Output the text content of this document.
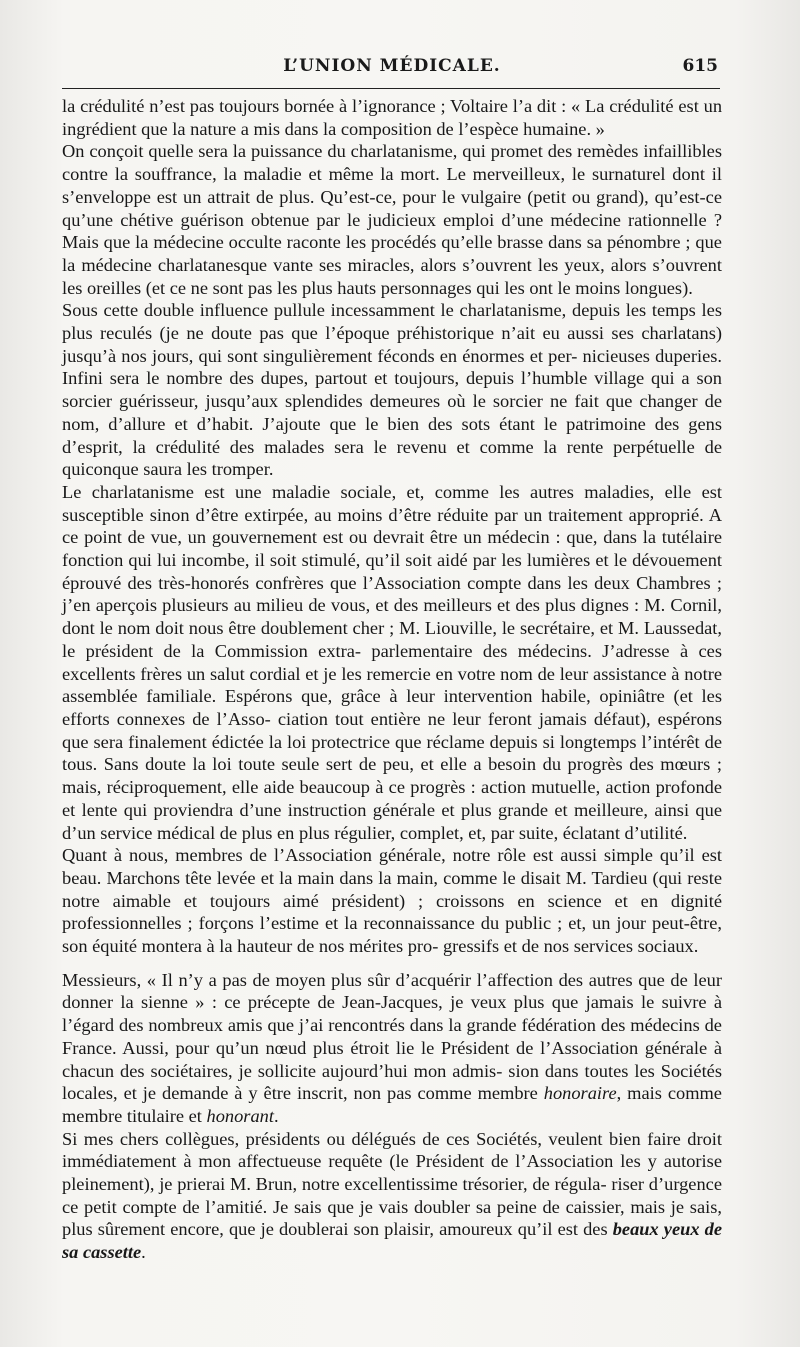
L’UNION MÉDICALE.	615

la crédulité n’est pas toujours bornée à l’ignorance ; Voltaire l’a dit : « La crédulité est un ingrédient que la nature a mis dans la composition de l’espèce humaine. »

On conçoit quelle sera la puissance du charlatanisme, qui promet des remèdes infaillibles contre la souffrance, la maladie et même la mort. Le merveilleux, le surnaturel dont il s’enveloppe est un attrait de plus. Qu’est-ce, pour le vulgaire (petit ou grand), qu’est-ce qu’une chétive guérison obtenue par le judicieux emploi d’une médecine rationnelle ? Mais que la médecine occulte raconte les procédés qu’elle brasse dans sa pénombre ; que la médecine charlatanesque vante ses miracles, alors s’ouvrent les yeux, alors s’ouvrent les oreilles (et ce ne sont pas les plus hauts personnages qui les ont le moins longues).

Sous cette double influence pullule incessamment le charlatanisme, depuis les temps les plus reculés (je ne doute pas que l’époque préhistorique n’ait eu aussi ses charlatans) jusqu’à nos jours, qui sont singulièrement féconds en énormes et per- nicieuses duperies. Infini sera le nombre des dupes, partout et toujours, depuis l’humble village qui a son sorcier guérisseur, jusqu’aux splendides demeures où le sorcier ne fait que changer de nom, d’allure et d’habit. J’ajoute que le bien des sots étant le patrimoine des gens d’esprit, la crédulité des malades sera le revenu et comme la rente perpétuelle de quiconque saura les tromper.

Le charlatanisme est une maladie sociale, et, comme les autres maladies, elle est susceptible sinon d’être extirpée, au moins d’être réduite par un traitement approprié. A ce point de vue, un gouvernement est ou devrait être un médecin : que, dans la tutélaire fonction qui lui incombe, il soit stimulé, qu’il soit aidé par les lumières et le dévouement éprouvé des très-honorés confrères que l’Association compte dans les deux Chambres ; j’en aperçois plusieurs au milieu de vous, et des meilleurs et des plus dignes : M. Cornil, dont le nom doit nous être doublement cher ; M. Liouville, le secrétaire, et M. Laussedat, le président de la Commission extra- parlementaire des médecins. J’adresse à ces excellents frères un salut cordial et je les remercie en votre nom de leur assistance à notre assemblée familiale. Espérons que, grâce à leur intervention habile, opiniâtre (et les efforts connexes de l’Asso- ciation tout entière ne leur feront jamais défaut), espérons que sera finalement édictée la loi protectrice que réclame depuis si longtemps l’intérêt de tous. Sans doute la loi toute seule sert de peu, et elle a besoin du progrès des mœurs ; mais, réciproquement, elle aide beaucoup à ce progrès : action mutuelle, action profonde et lente qui proviendra d’une instruction générale et plus grande et meilleure, ainsi que d’un service médical de plus en plus régulier, complet, et, par suite, éclatant d’utilité.

Quant à nous, membres de l’Association générale, notre rôle est aussi simple qu’il est beau. Marchons tête levée et la main dans la main, comme le disait M. Tardieu (qui reste notre aimable et toujours aimé président) ; croissons en science et en dignité professionnelles ; forçons l’estime et la reconnaissance du public ; et, un jour peut-être, son équité montera à la hauteur de nos mérites pro- gressifs et de nos services sociaux.

Messieurs, « Il n’y a pas de moyen plus sûr d’acquérir l’affection des autres que de leur donner la sienne » : ce précepte de Jean-Jacques, je veux plus que jamais le suivre à l’égard des nombreux amis que j’ai rencontrés dans la grande fédération des médecins de France. Aussi, pour qu’un nœud plus étroit lie le Président de l’Association générale à chacun des sociétaires, je sollicite aujourd’hui mon admis- sion dans toutes les Sociétés locales, et je demande à y être inscrit, non pas comme membre honoraire, mais comme membre titulaire et honorant.

Si mes chers collègues, présidents ou délégués de ces Sociétés, veulent bien faire droit immédiatement à mon affectueuse requête (le Président de l’Association les y autorise pleinement), je prierai M. Brun, notre excellentissime trésorier, de régula- riser d’urgence ce petit compte de l’amitié. Je sais que je vais doubler sa peine de caissier, mais je sais, plus sûrement encore, que je doublerai son plaisir, amoureux qu’il est des beaux yeux de sa cassette.
